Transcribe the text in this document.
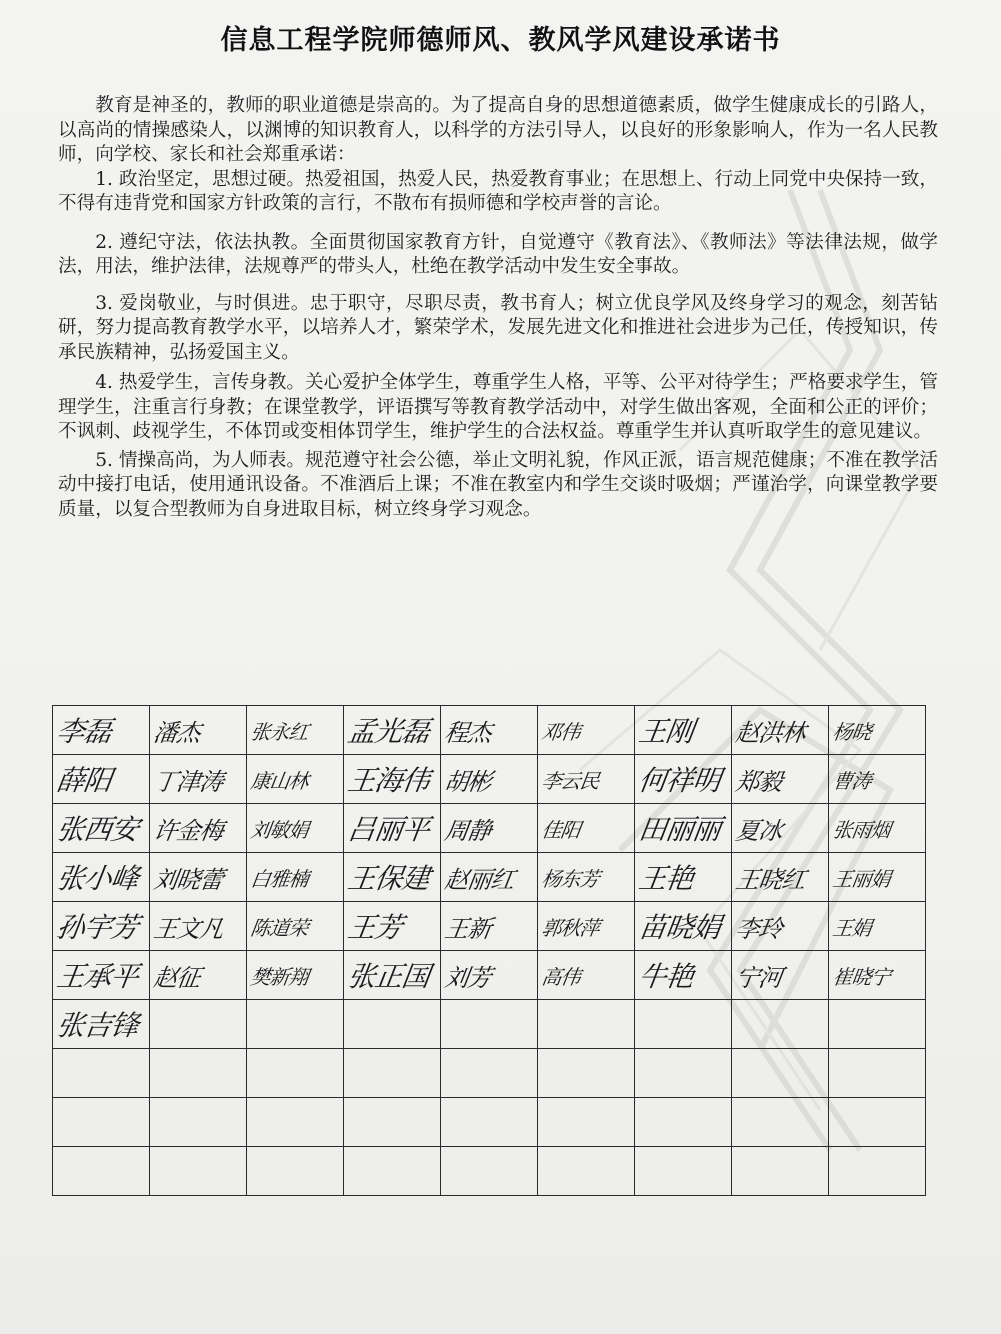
信息工程学院师德师风、教风学风建设承诺书

教育是神圣的，教师的职业道德是崇高的。为了提高自身的思想道德素质，做学生健康成长的引路人，以高尚的情操感染人，以渊博的知识教育人，以科学的方法引导人，以良好的形象影响人，作为一名人民教师，向学校、家长和社会郑重承诺：

1. 政治坚定，思想过硬。热爱祖国，热爱人民，热爱教育事业；在思想上、行动上同党中央保持一致，不得有违背党和国家方针政策的言行，不散布有损师德和学校声誉的言论。

2. 遵纪守法，依法执教。全面贯彻国家教育方针，自觉遵守《教育法》、《教师法》等法律法规，做学法，用法，维护法律，法规尊严的带头人，杜绝在教学活动中发生安全事故。

3. 爱岗敬业，与时俱进。忠于职守，尽职尽责，教书育人；树立优良学风及终身学习的观念，刻苦钻研，努力提高教育教学水平，以培养人才，繁荣学术，发展先进文化和推进社会进步为己任，传授知识，传承民族精神，弘扬爱国主义。

4. 热爱学生，言传身教。关心爱护全体学生，尊重学生人格，平等、公平对待学生；严格要求学生，管理学生，注重言行身教；在课堂教学，评语撰写等教育教学活动中，对学生做出客观，全面和公正的评价；不讽刺、歧视学生，不体罚或变相体罚学生，维护学生的合法权益。尊重学生并认真听取学生的意见建议。

5. 情操高尚，为人师表。规范遵守社会公德，举止文明礼貌，作风正派，语言规范健康；不准在教学活动中接打电话，使用通讯设备。不准酒后上课；不准在教室内和学生交谈时吸烟；严谨治学，向课堂教学要质量，以复合型教师为自身进取目标，树立终身学习观念。

李磊	潘杰	张永红	孟光磊	程杰	邓伟	王刚	赵洪林	杨晓

薛阳	丁津涛	康山林	王海伟	胡彬	李云民	何祥明	郑毅	曹涛

张西安	许金梅	刘敏娟	吕丽平	周静	佳阳	田丽丽	夏冰	张雨烟

张小峰	刘晓蕾	白雅楠	王保建	赵丽红	杨东芳	王艳	王晓红	王丽娟

孙宇芳	王文凡	陈道荣	王芳	王新	郭秋萍	苗晓娟	李玲	王娟

王承平	赵征	樊新翔	张正国	刘芳	高伟	牛艳	宁河	崔晓宁

张吉锋								
